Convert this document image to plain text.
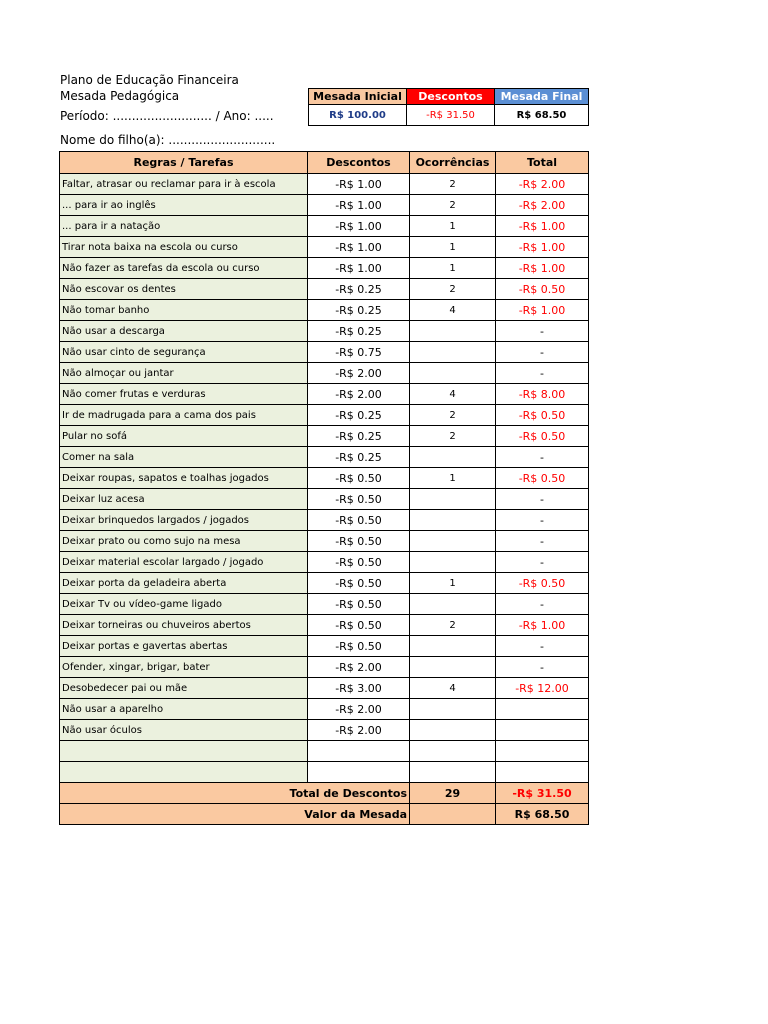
Plano de Educação Financeira
Mesada Pedagógica
Período: .......................... / Ano: .....
Nome do filho(a): ............................
Mesada Inicial	Descontos	Mesada Final
R$ 100.00	-R$ 31.50	R$ 68.50
Regras / Tarefas	Descontos	Ocorrências	Total
Faltar, atrasar ou reclamar para ir à escola	-R$ 1.00	2	-R$ 2.00
... para ir ao inglês	-R$ 1.00	2	-R$ 2.00
... para ir a natação	-R$ 1.00	1	-R$ 1.00
Tirar nota baixa na escola ou curso	-R$ 1.00	1	-R$ 1.00
Não fazer as tarefas da escola ou curso	-R$ 1.00	1	-R$ 1.00
Não escovar os dentes	-R$ 0.25	2	-R$ 0.50
Não tomar banho	-R$ 0.25	4	-R$ 1.00
Não usar a descarga	-R$ 0.25		-
Não usar cinto de segurança	-R$ 0.75		-
Não almoçar ou jantar	-R$ 2.00		-
Não comer frutas e verduras	-R$ 2.00	4	-R$ 8.00
Ir de madrugada para a cama dos pais	-R$ 0.25	2	-R$ 0.50
Pular no sofá	-R$ 0.25	2	-R$ 0.50
Comer na sala	-R$ 0.25		-
Deixar roupas, sapatos e toalhas jogados	-R$ 0.50	1	-R$ 0.50
Deixar luz acesa	-R$ 0.50		-
Deixar brinquedos largados / jogados	-R$ 0.50		-
Deixar prato ou como sujo na mesa	-R$ 0.50		-
Deixar material escolar largado / jogado	-R$ 0.50		-
Deixar porta da geladeira aberta	-R$ 0.50	1	-R$ 0.50
Deixar Tv ou vídeo-game ligado	-R$ 0.50		-
Deixar torneiras ou chuveiros abertos	-R$ 0.50	2	-R$ 1.00
Deixar portas e gavertas abertas	-R$ 0.50		-
Ofender, xingar, brigar, bater	-R$ 2.00		-
Desobedecer pai ou mãe	-R$ 3.00	4	-R$ 12.00
Não usar a aparelho	-R$ 2.00		
Não usar óculos	-R$ 2.00		

Total de Descontos		29	-R$ 31.50
Valor da Mesada			R$ 68.50
